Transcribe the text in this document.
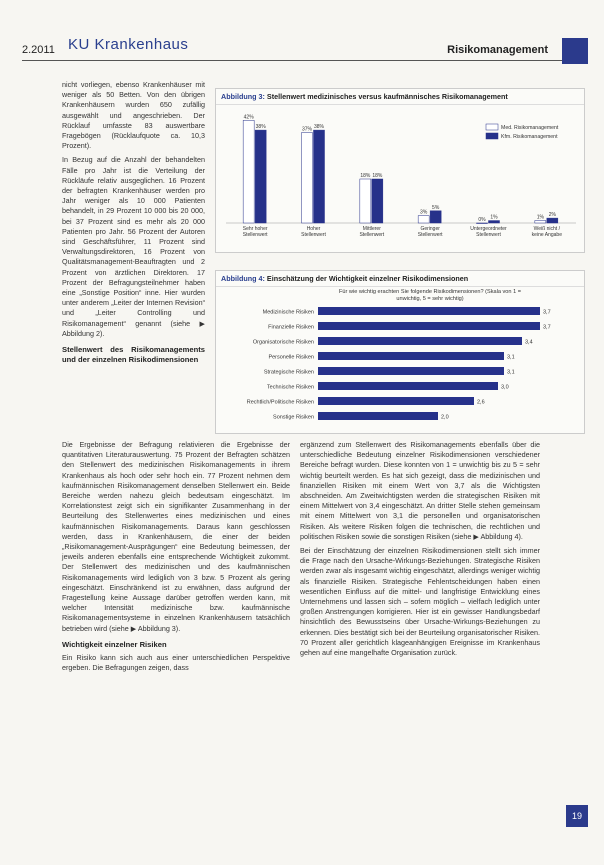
2.2011 KU Krankenhaus	Risikomanagement

nicht vorliegen, ebenso Krankenhäuser mit weniger als 50 Betten. Von den übrigen Krankenhäusern wurden 650 zufällig ausgewählt und angeschrieben. Der Rücklauf umfasste 83 auswertbare Fragebögen (Rücklaufquote ca. 10,3 Prozent).

In Bezug auf die Anzahl der behandelten Fälle pro Jahr ist die Verteilung der Rückläufe relativ ausgeglichen. 16 Prozent der befragten Krankenhäuser werden pro Jahr weniger als 10 000 Patienten behandelt, in 29 Prozent 10 000 bis 20 000, bei 37 Prozent sind es mehr als 20 000 Patienten pro Jahr. 56 Prozent der Autoren sind Geschäftsführer, 11 Prozent sind Verwaltungsdirektoren, 16 Prozent von Qualitätsmanagement-Beauftragten und 2 Prozent von ärztlichen Direktoren. 17 Prozent der Befragungsteilnehmer haben eine „Sonstige Position“ inne. Hier wurden unter anderem „Leiter der Internen Revision“ und „Leiter Controlling und Risikomanagement“ genannt (siehe ▶ Abbildung 2).

Stellenwert des Risikomanagements und der einzelnen Risikodimensionen
Abbildung 3: Stellenwert medizinisches versus kaufmännisches Risikomanagement
42%
38%
Sehr hoher
Stellenwert
37% 38%
Hoher
Stellenwert
18% 18%
Mittlerer
Stellenwert
3%
5%
Geringer
Stellenwert
0% 1%
Untergeordneter
Stellenwert
1% 2%
Weiß nicht /
keine Angabe
Med. Risikomanagement
Kfm. Risikomanagement
Abbildung 4: Einschätzung der Wichtigkeit einzelner Risikodimensionen
Für wie wichtig erachten Sie folgende Risikodimensionen? (Skala von 1 = unwichtig, 5 = sehr wichtig)
Medizinische Risiken	3,7
Finanzielle Risiken	3,7
Organisatorische Risiken	3,4
Personelle Risiken	3,1
Strategische Risiken	3,1
Technische Risiken	3,0
Rechtlich/Politische Risiken	2,6
Sonstige Risiken	2,0

Die Ergebnisse der Befragung relativieren die Ergebnisse der quantitativen Literaturauswertung. 75 Prozent der Befragten schätzen den Stellenwert des medizinischen Risikomanagements in ihrem Krankenhaus als hoch oder sehr hoch ein. 77 Prozent nehmen dem kaufmännischen Risikomanagement denselben Stellenwert ein. Beide Bereiche werden nahezu gleich bedeutsam eingeschätzt. Im Korrelationstest zeigt sich ein signifikanter Zusammenhang in der Beurteilung des Stellenwertes eines medizinischen und eines kaufmännischen Risikomanagements. Daraus kann geschlossen werden, dass in Krankenhäusern, die einer der beiden „Risikomanagement-Ausprägungen“ eine Bedeutung beimessen, der jeweils anderen ebenfalls eine entsprechende Wichtigkeit zukommt. Der Stellenwert des medizinischen und des kaufmännischen Risikomanagements wird lediglich von 3 bzw. 5 Prozent als gering eingeschätzt. Einschränkend ist zu erwähnen, dass aufgrund der Fragestellung keine Aussage darüber getroffen werden kann, mit welcher Intensität medizinische bzw. kaufmännische Risikomanagementsysteme in einzelnen Krankenhäusern tatsächlich betrieben wird (siehe ▶ Abbildung 3).

Wichtigkeit einzelner Risiken

Ein Risiko kann sich auch aus einer unterschiedlichen Perspektive ergeben. Die Befragungen zeigen, dass

ergänzend zum Stellenwert des Risikomanagements ebenfalls über die unterschiedliche Bedeutung einzelner Risikodimensionen verschiedener Bereiche befragt wurden. Diese konnten von 1 = unwichtig bis zu 5 = sehr wichtig beurteilt werden. Es hat sich gezeigt, dass die medizinischen und finanziellen Risiken mit einem Wert von 3,7 als die Wichtigsten abschneiden. Am Zweitwichtigsten werden die strategischen Risiken mit einem Mittelwert von 3,4 eingeschätzt. An dritter Stelle stehen gemeinsam mit einem Mittelwert von 3,1 die personellen und organisatorischen Risiken. Als weitere Risiken folgen die technischen, die rechtlichen und politischen Risiken sowie die sonstigen Risiken (siehe ▶ Abbildung 4).

Bei der Einschätzung der einzelnen Risikodimensionen stellt sich immer die Frage nach den Ursache-Wirkungs-Beziehungen. Strategische Risiken werden zwar als insgesamt wichtig eingeschätzt, allerdings weniger wichtig als finanzielle Risiken. Strategische Fehlentscheidungen haben einen wesentlichen Einfluss auf die mittel- und langfristige Entwicklung eines Unternehmens und lassen sich – sofern möglich – vielfach lediglich unter großen Anstrengungen korrigieren. Hier ist ein gewisser Handlungsbedarf hinsichtlich des Bewusstseins über Ursache-Wirkungs-Beziehungen zu erkennen. Dies bestätigt sich bei der Beurteilung organisatorischer Risiken. 70 Prozent aller gerichtlich klageanhängigen Ereignisse im Krankenhaus gehen auf eine mangelhafte Organisation zurück.

19
